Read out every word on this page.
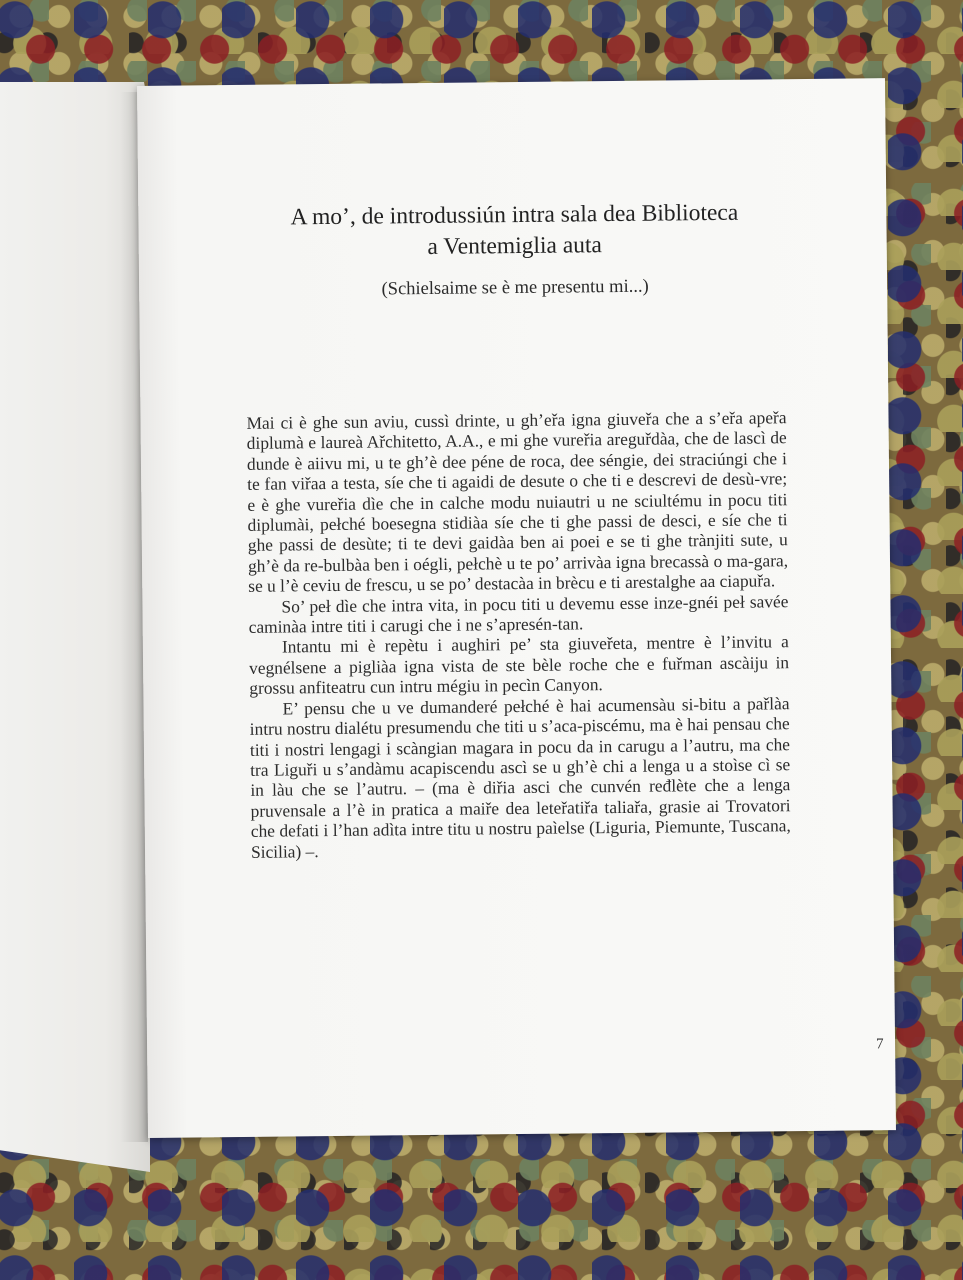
A mo’, de introdussiún intra sala dea Biblioteca
a Ventemiglia auta
(Schielsaime se è me presentu mi...)

Mai ci è ghe sun aviu, cussì drinte, u gh’eřa igna giuveřa che a s’eřa apeřa diplumà e laureà Ařchitetto, A.A., e mi ghe vureřia areguřdàa, che de lascì de dunde è aiivu mi, u te gh’è dee péne de roca, dee séngie, dei straciúngi che i te fan viřaa a testa, síe che ti agaidi de desute o che ti e descrevi de desù-vre; e è ghe vureřia dìe che in calche modu nuiautri u ne sciultému in pocu titi diplumài, pełché boesegna stidiàa síe che ti ghe passi de desci, e síe che ti ghe passi de desùte; ti te devi gaidàa ben ai poei e se ti ghe trànjiti sute, u gh’è da re-bulbàa ben i oégli, pełchè u te po’ arrivàa igna brecassà o ma-gara, se u l’è ceviu de frescu, u se po’ destacàa in brècu e ti arestalghe aa ciapuřa.

So’ peł dìe che intra vita, in pocu titi u devemu esse inze-gnéi peł savée caminàa intre titi i carugi che i ne s’apresén-tan.

Intantu mi è repètu i aughiri pe’ sta giuveřeta, mentre è l’invitu a vegnélsene a pigliàa igna vista de ste bèle roche che e fuřman ascàiju in grossu anfiteatru cun intru mégiu in pecìn Canyon.

E’ pensu che u ve dumanderé pełché è hai acumensàu si-bitu a pařlàa intru nostru dialétu presumendu che titi u s’aca-piscému, ma è hai pensau che titi i nostri lengagi i scàngian magara in pocu da in carugu a l’autru, ma che tra Liguři u s’andàmu acapiscendu ascì se u gh’è chi a lenga u a stoìse cì se in làu che se l’autru. – (ma è diřia asci che cunvén ređlète che a lenga pruvensale a l’è in pratica a maiře dea leteřatiřa taliařa, grasie ai Trovatori che defati i l’han adìta intre titu u nostru paìelse (Liguria, Piemunte, Tuscana, Sicilia) –.

7
